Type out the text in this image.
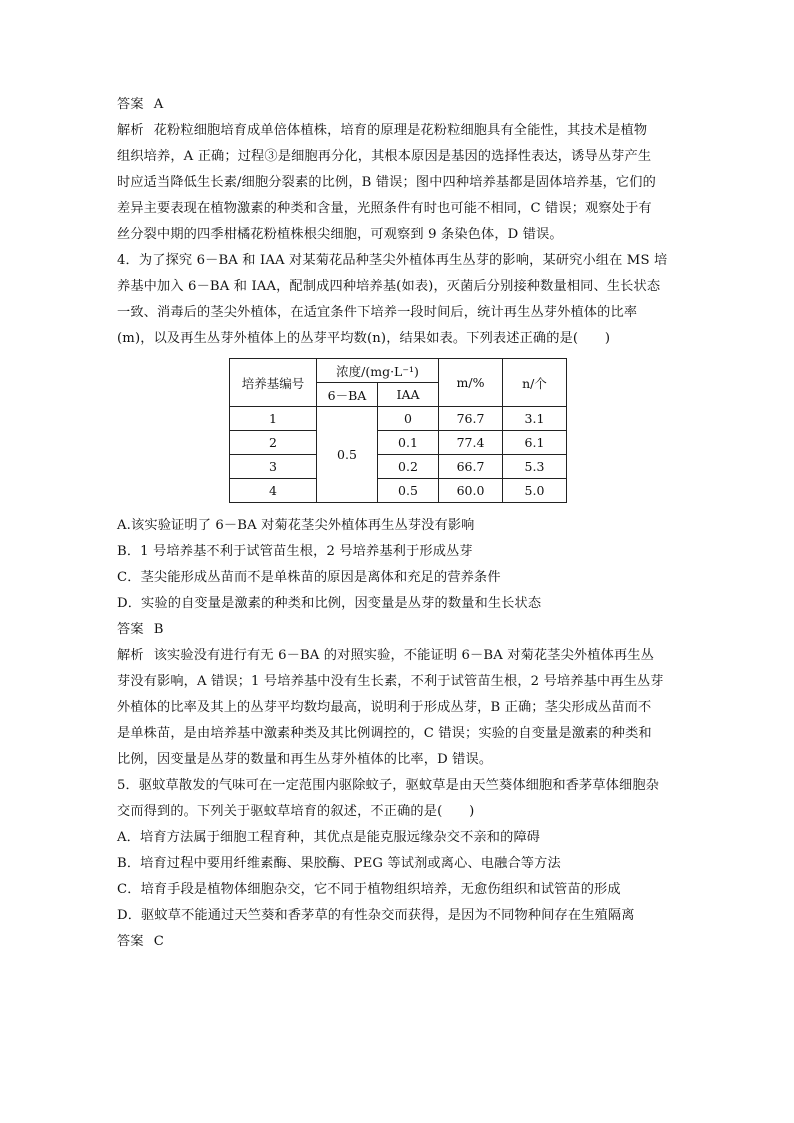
答案 A
解析 花粉粒细胞培育成单倍体植株，培育的原理是花粉粒细胞具有全能性，其技术是植物
组织培养，A 正确；过程③是细胞再分化，其根本原因是基因的选择性表达，诱导丛芽产生
时应适当降低生长素/细胞分裂素的比例，B 错误；图中四种培养基都是固体培养基，它们的
差异主要表现在植物激素的种类和含量，光照条件有时也可能不相同，C 错误；观察处于有
丝分裂中期的四季柑橘花粉植株根尖细胞，可观察到 9 条染色体，D 错误。
4．为了探究 6－BA 和 IAA 对某菊花品种茎尖外植体再生丛芽的影响，某研究小组在 MS 培
养基中加入 6－BA 和 IAA，配制成四种培养基(如表)，灭菌后分别接种数量相同、生长状态
一致、消毒后的茎尖外植体，在适宜条件下培养一段时间后，统计再生丛芽外植体的比率
(m)，以及再生丛芽外植体上的丛芽平均数(n)，结果如表。下列表述正确的是(　　)
培养基编号	浓度/(mg·L⁻¹)		m/%	n/个
	6－BA	IAA		
1	0.5	0	76.7	3.1
2		0.1	77.4	6.1
3		0.2	66.7	5.3
4		0.5	60.0	5.0
A.该实验证明了 6－BA 对菊花茎尖外植体再生丛芽没有影响
B．1 号培养基不利于试管苗生根，2 号培养基利于形成丛芽
C．茎尖能形成丛苗而不是单株苗的原因是离体和充足的营养条件
D．实验的自变量是激素的种类和比例，因变量是丛芽的数量和生长状态
答案 B
解析 该实验没有进行有无 6－BA 的对照实验，不能证明 6－BA 对菊花茎尖外植体再生丛
芽没有影响，A 错误；1 号培养基中没有生长素，不利于试管苗生根，2 号培养基中再生丛芽
外植体的比率及其上的丛芽平均数均最高，说明利于形成丛芽，B 正确；茎尖形成丛苗而不
是单株苗，是由培养基中激素种类及其比例调控的，C 错误；实验的自变量是激素的种类和
比例，因变量是丛芽的数量和再生丛芽外植体的比率，D 错误。
5．驱蚊草散发的气味可在一定范围内驱除蚊子，驱蚊草是由天竺葵体细胞和香茅草体细胞杂
交而得到的。下列关于驱蚊草培育的叙述，不正确的是(　　)
A．培育方法属于细胞工程育种，其优点是能克服远缘杂交不亲和的障碍
B．培育过程中要用纤维素酶、果胶酶、PEG 等试剂或离心、电融合等方法
C．培育手段是植物体细胞杂交，它不同于植物组织培养，无愈伤组织和试管苗的形成
D．驱蚊草不能通过天竺葵和香茅草的有性杂交而获得，是因为不同物种间存在生殖隔离
答案 C
